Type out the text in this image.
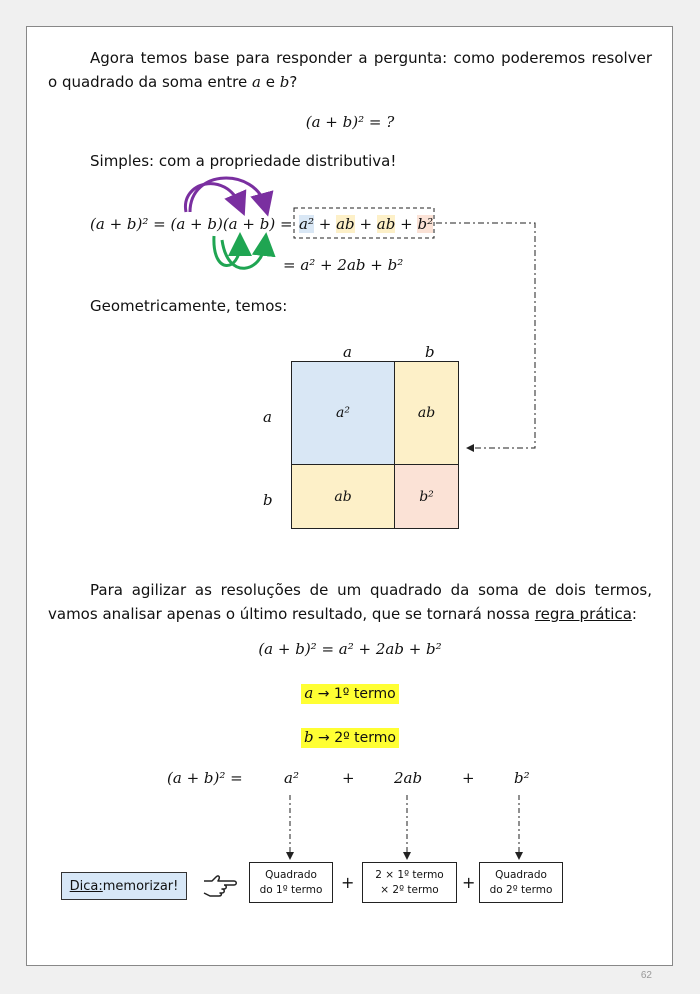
Agora temos base para responder a pergunta: como poderemos resolver o quadrado da soma entre a e b?
(a + b)² = ?
Simples: com a propriedade distributiva!
(a + b)² = (a + b)(a + b) = a² + ab + ab + b²
= a² + 2ab + b²
Geometricamente, temos:
a	b
a
b
a²	ab
ab	b²
Para agilizar as resoluções de um quadrado da soma de dois termos, vamos analisar apenas o último resultado, que se tornará nossa regra prática:
(a + b)² = a² + 2ab + b²
a → 1º termo
b → 2º termo
(a + b)² =	a²	+	2ab	+	b²
Dica: memorizar!
Quadrado
do 1º termo + 2 × 1º termo
× 2º termo + Quadrado
do 2º termo
62
